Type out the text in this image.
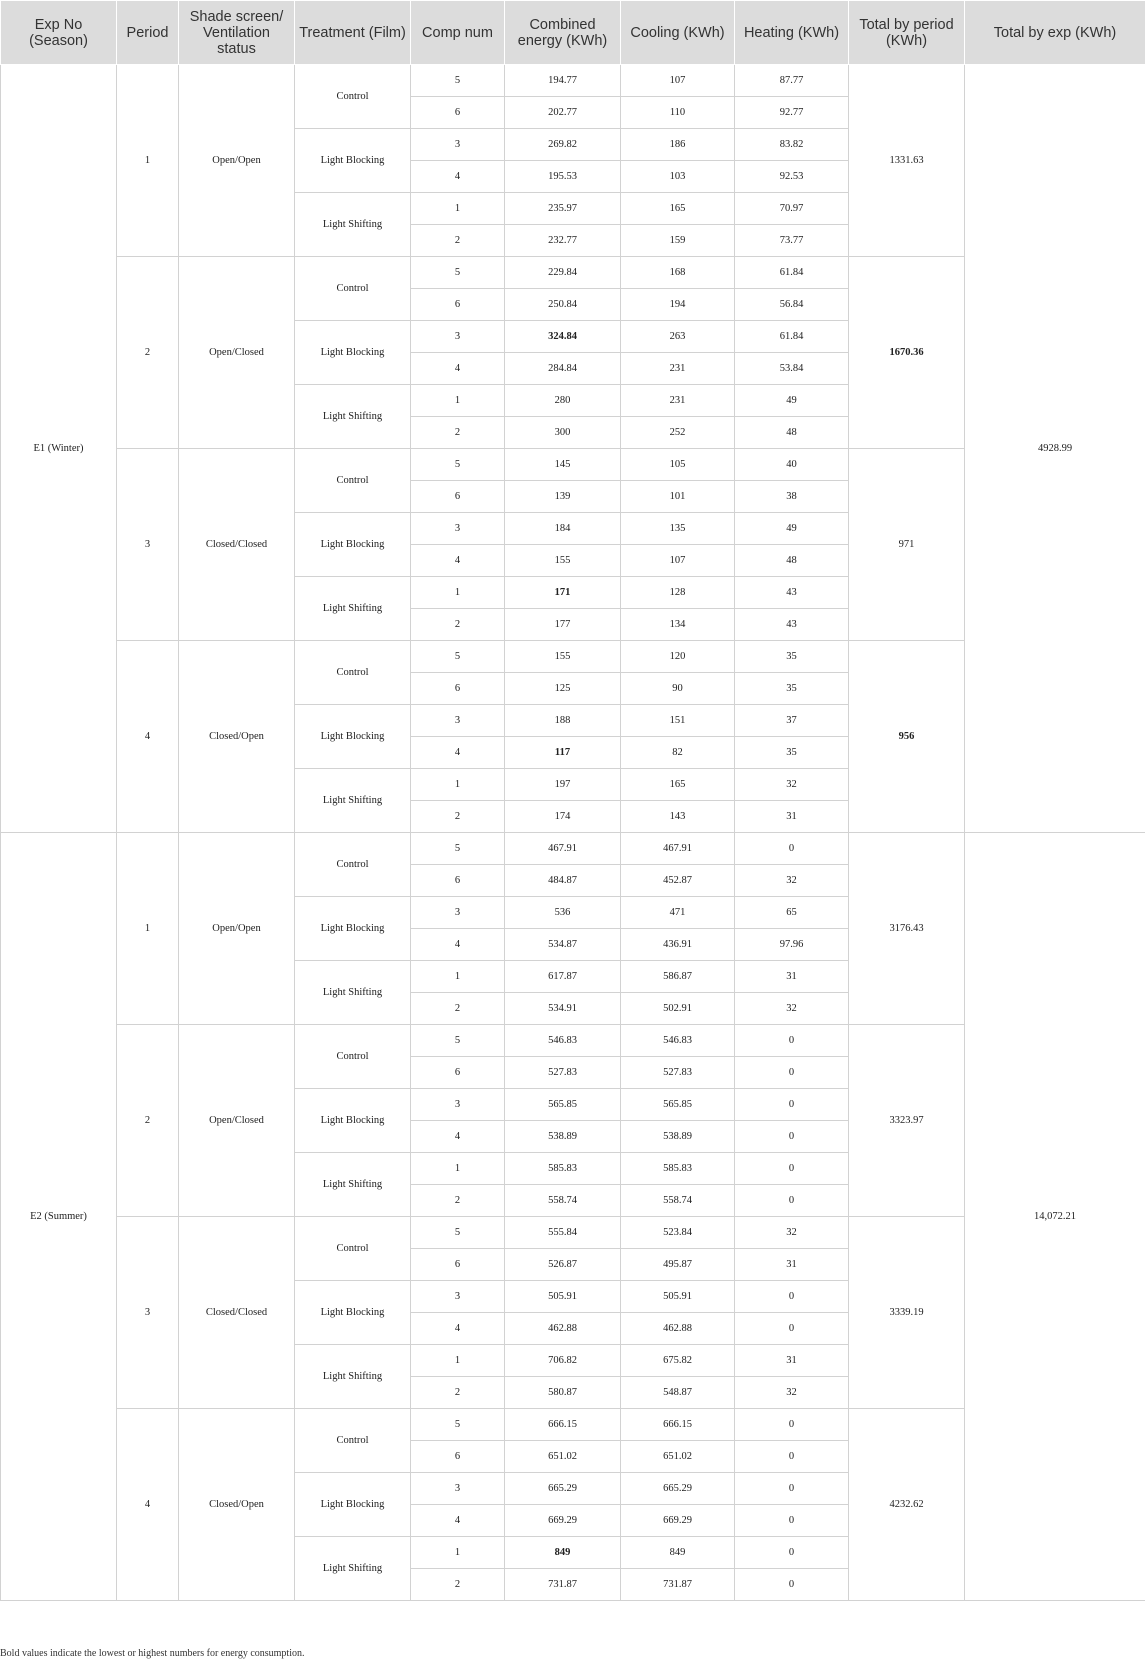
Exp No (Season)	Period	Shade screen/ Ventilation status	Treatment (Film)	Comp num	Combined energy (KWh)	Cooling (KWh)	Heating (KWh)	Total by period (KWh)	Total by exp (KWh)
E1 (Winter)	1	Open/Open	Control	5	194.77	107	87.77	1331.63	4928.99
				6	202.77	110	92.77		
			Light Blocking	3	269.82	186	83.82		
				4	195.53	103	92.53		
			Light Shifting	1	235.97	165	70.97		
				2	232.77	159	73.77		
	2	Open/Closed	Control	5	229.84	168	61.84	1670.36	
				6	250.84	194	56.84		
			Light Blocking	3	324.84	263	61.84		
				4	284.84	231	53.84		
			Light Shifting	1	280	231	49		
				2	300	252	48		
	3	Closed/Closed	Control	5	145	105	40	971	
				6	139	101	38		
			Light Blocking	3	184	135	49		
				4	155	107	48		
			Light Shifting	1	171	128	43		
				2	177	134	43		
	4	Closed/Open	Control	5	155	120	35	956	
				6	125	90	35		
			Light Blocking	3	188	151	37		
				4	117	82	35		
			Light Shifting	1	197	165	32		
				2	174	143	31		
E2 (Summer)	1	Open/Open	Control	5	467.91	467.91	0	3176.43	14,072.21
				6	484.87	452.87	32		
			Light Blocking	3	536	471	65		
				4	534.87	436.91	97.96		
			Light Shifting	1	617.87	586.87	31		
				2	534.91	502.91	32		
	2	Open/Closed	Control	5	546.83	546.83	0	3323.97	
				6	527.83	527.83	0		
			Light Blocking	3	565.85	565.85	0		
				4	538.89	538.89	0		
			Light Shifting	1	585.83	585.83	0		
				2	558.74	558.74	0		
	3	Closed/Closed	Control	5	555.84	523.84	32	3339.19	
				6	526.87	495.87	31		
			Light Blocking	3	505.91	505.91	0		
				4	462.88	462.88	0		
			Light Shifting	1	706.82	675.82	31		
				2	580.87	548.87	32		
	4	Closed/Open	Control	5	666.15	666.15	0	4232.62	
				6	651.02	651.02	0		
			Light Blocking	3	665.29	665.29	0		
				4	669.29	669.29	0		
			Light Shifting	1	849	849	0		
				2	731.87	731.87	0		
Bold values indicate the lowest or highest numbers for energy consumption.
